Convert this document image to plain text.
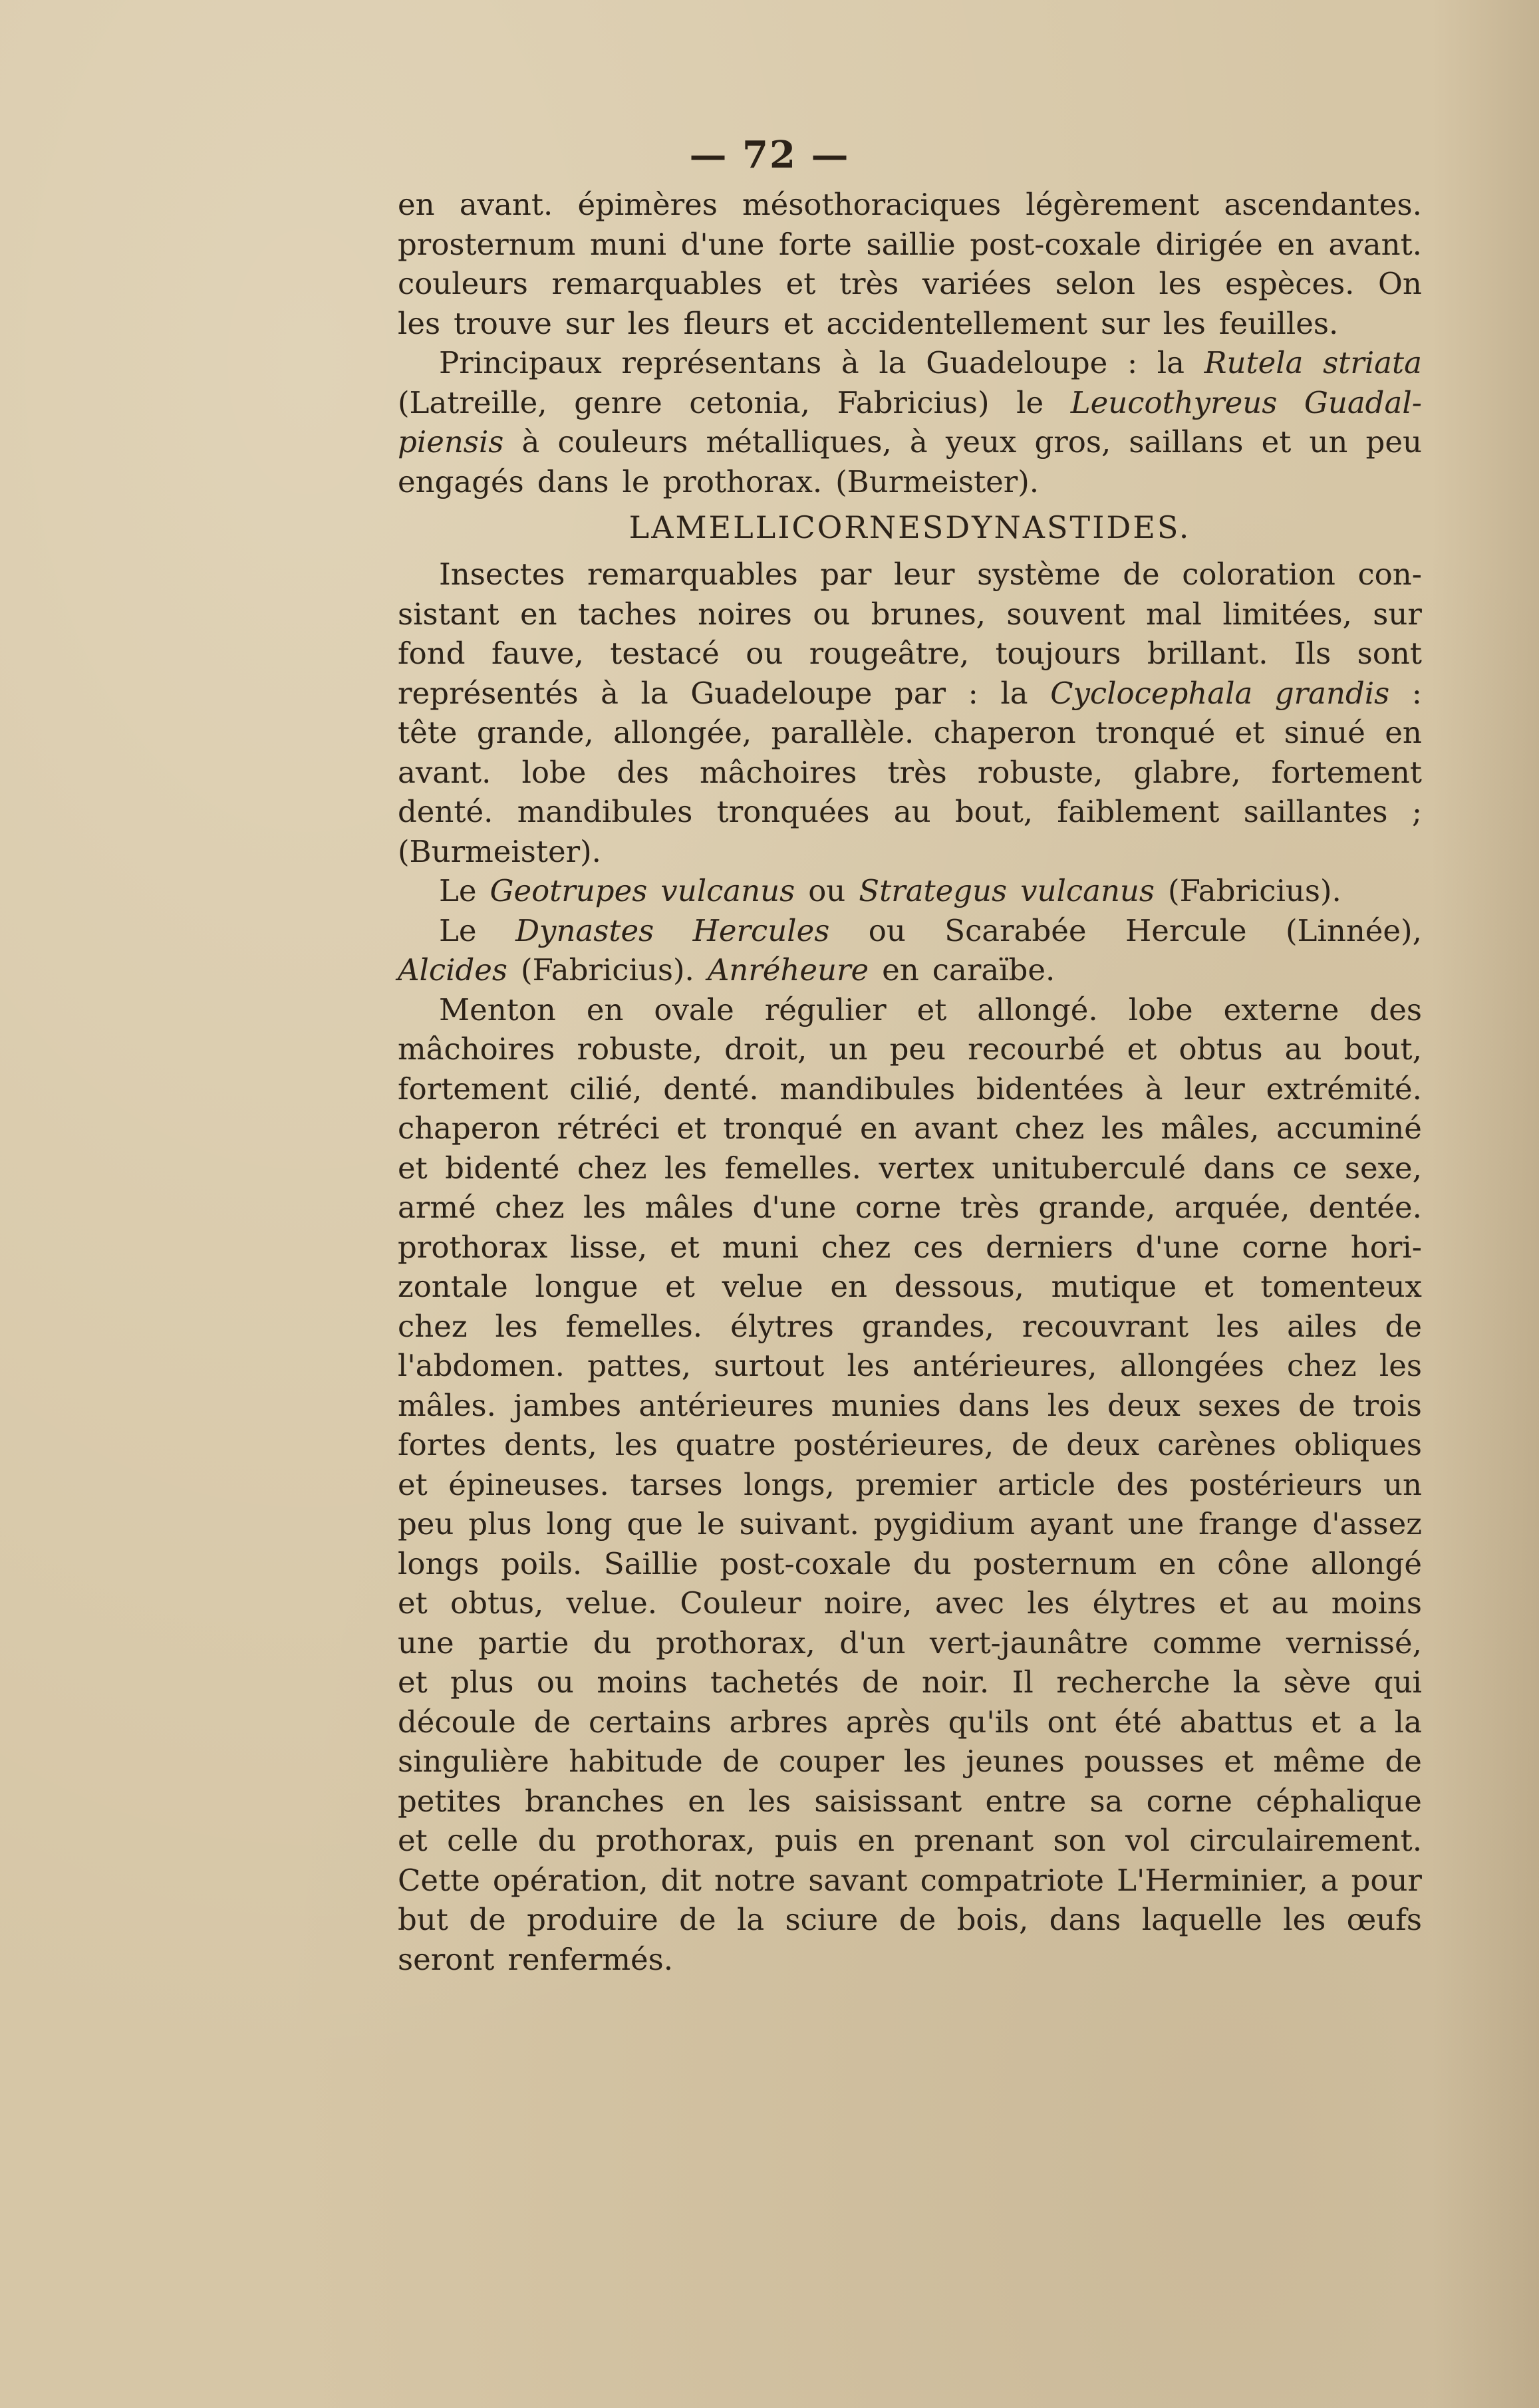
— 72 —
en avant. épimères mésothoraciques légèrement ascendantes.
prosternum muni d'une forte saillie post-coxale dirigée en avant.
couleurs remarquables et très variées selon les espèces. On
les trouve sur les fleurs et accidentellement sur les feuilles.
Principaux représentans à la Guadeloupe : la Rutela striata
(Latreille, genre cetonia, Fabricius) le Leucothyreus Guadal-
piensis à couleurs métalliques, à yeux gros, saillans et un peu
engagés dans le prothorax. (Burmeister).
LAMELLICORNES DYNASTIDES.
Insectes remarquables par leur système de coloration con-
sistant en taches noires ou brunes, souvent mal limitées, sur
fond fauve, testacé ou rougeâtre, toujours brillant. Ils sont
représentés à la Guadeloupe par : la Cyclocephala grandis :
tête grande, allongée, parallèle. chaperon tronqué et sinué en
avant. lobe des mâchoires très robuste, glabre, fortement
denté. mandibules tronquées au bout, faiblement saillantes ;
(Burmeister).
Le Geotrupes vulcanus ou Strategus vulcanus (Fabricius).
Le Dynastes Hercules ou Scarabée Hercule (Linnée),
Alcides (Fabricius). Anréheure en caraïbe.
Menton en ovale régulier et allongé. lobe externe des
mâchoires robuste, droit, un peu recourbé et obtus au bout,
fortement cilié, denté. mandibules bidentées à leur extrémité.
chaperon rétréci et tronqué en avant chez les mâles, accuminé
et bidenté chez les femelles. vertex unituberculé dans ce sexe,
armé chez les mâles d'une corne très grande, arquée, dentée.
prothorax lisse, et muni chez ces derniers d'une corne hori-
zontale longue et velue en dessous, mutique et tomenteux
chez les femelles. élytres grandes, recouvrant les ailes de
l'abdomen. pattes, surtout les antérieures, allongées chez les
mâles. jambes antérieures munies dans les deux sexes de trois
fortes dents, les quatre postérieures, de deux carènes obliques
et épineuses. tarses longs, premier article des postérieurs un
peu plus long que le suivant. pygidium ayant une frange d'assez
longs poils. Saillie post-coxale du posternum en cône allongé
et obtus, velue. Couleur noire, avec les élytres et au moins
une partie du prothorax, d'un vert-jaunâtre comme vernissé,
et plus ou moins tachetés de noir. Il recherche la sève qui
découle de certains arbres après qu'ils ont été abattus et a la
singulière habitude de couper les jeunes pousses et même de
petites branches en les saisissant entre sa corne céphalique
et celle du prothorax, puis en prenant son vol circulairement.
Cette opération, dit notre savant compatriote L'Herminier, a pour
but de produire de la sciure de bois, dans laquelle les œufs
seront renfermés.
